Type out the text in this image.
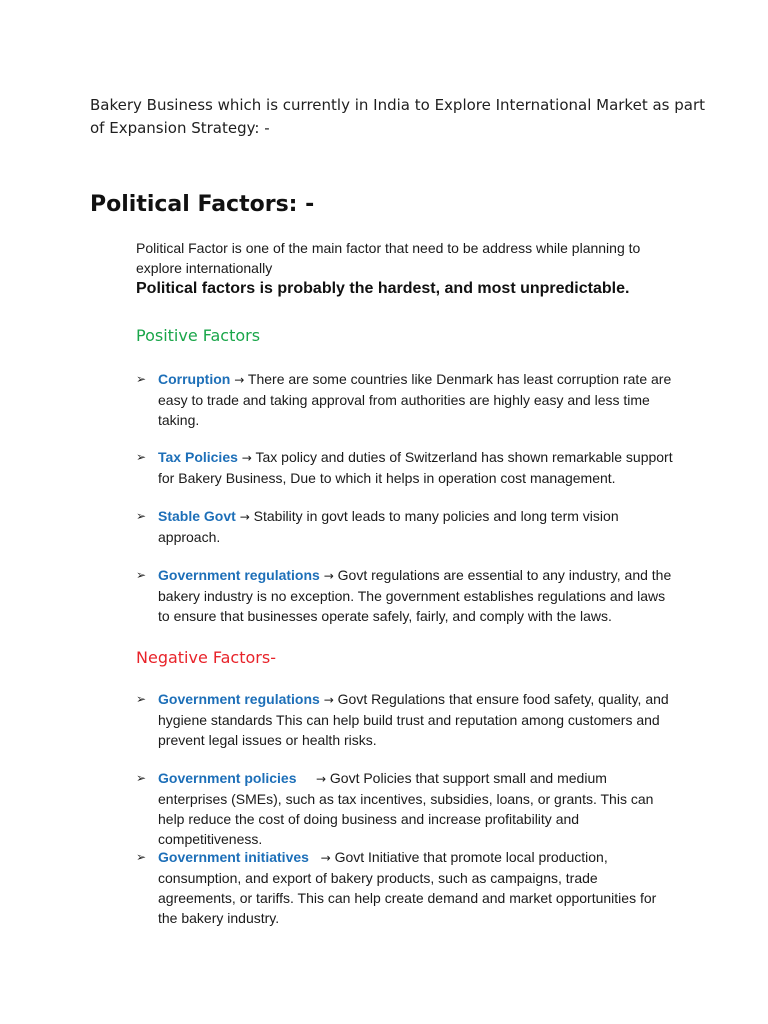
Bakery Business which is currently in India to Explore International Market as part of Expansion Strategy: -
Political Factors: -
Political Factor is one of the main factor that need to be address while planning to explore internationally
Political factors is probably the hardest, and most unpredictable.
Positive Factors
➢ Corruption → There are some countries like Denmark has least corruption rate are easy to trade and taking approval from authorities are highly easy and less time taking.
➢ Tax Policies → Tax policy and duties of Switzerland has shown remarkable support for Bakery Business, Due to which it helps in operation cost management.
➢ Stable Govt → Stability in govt leads to many policies and long term vision approach.
➢ Government regulations → Govt regulations are essential to any industry, and the bakery industry is no exception. The government establishes regulations and laws to ensure that businesses operate safely, fairly, and comply with the laws.
Negative Factors-
➢ Government regulations → Govt Regulations that ensure food safety, quality, and hygiene standards This can help build trust and reputation among customers and prevent legal issues or health risks.
➢ Government policies → Govt Policies that support small and medium enterprises (SMEs), such as tax incentives, subsidies, loans, or grants. This can help reduce the cost of doing business and increase profitability and competitiveness.
➢ Government initiatives → Govt Initiative that promote local production, consumption, and export of bakery products, such as campaigns, trade agreements, or tariffs. This can help create demand and market opportunities for the bakery industry.
